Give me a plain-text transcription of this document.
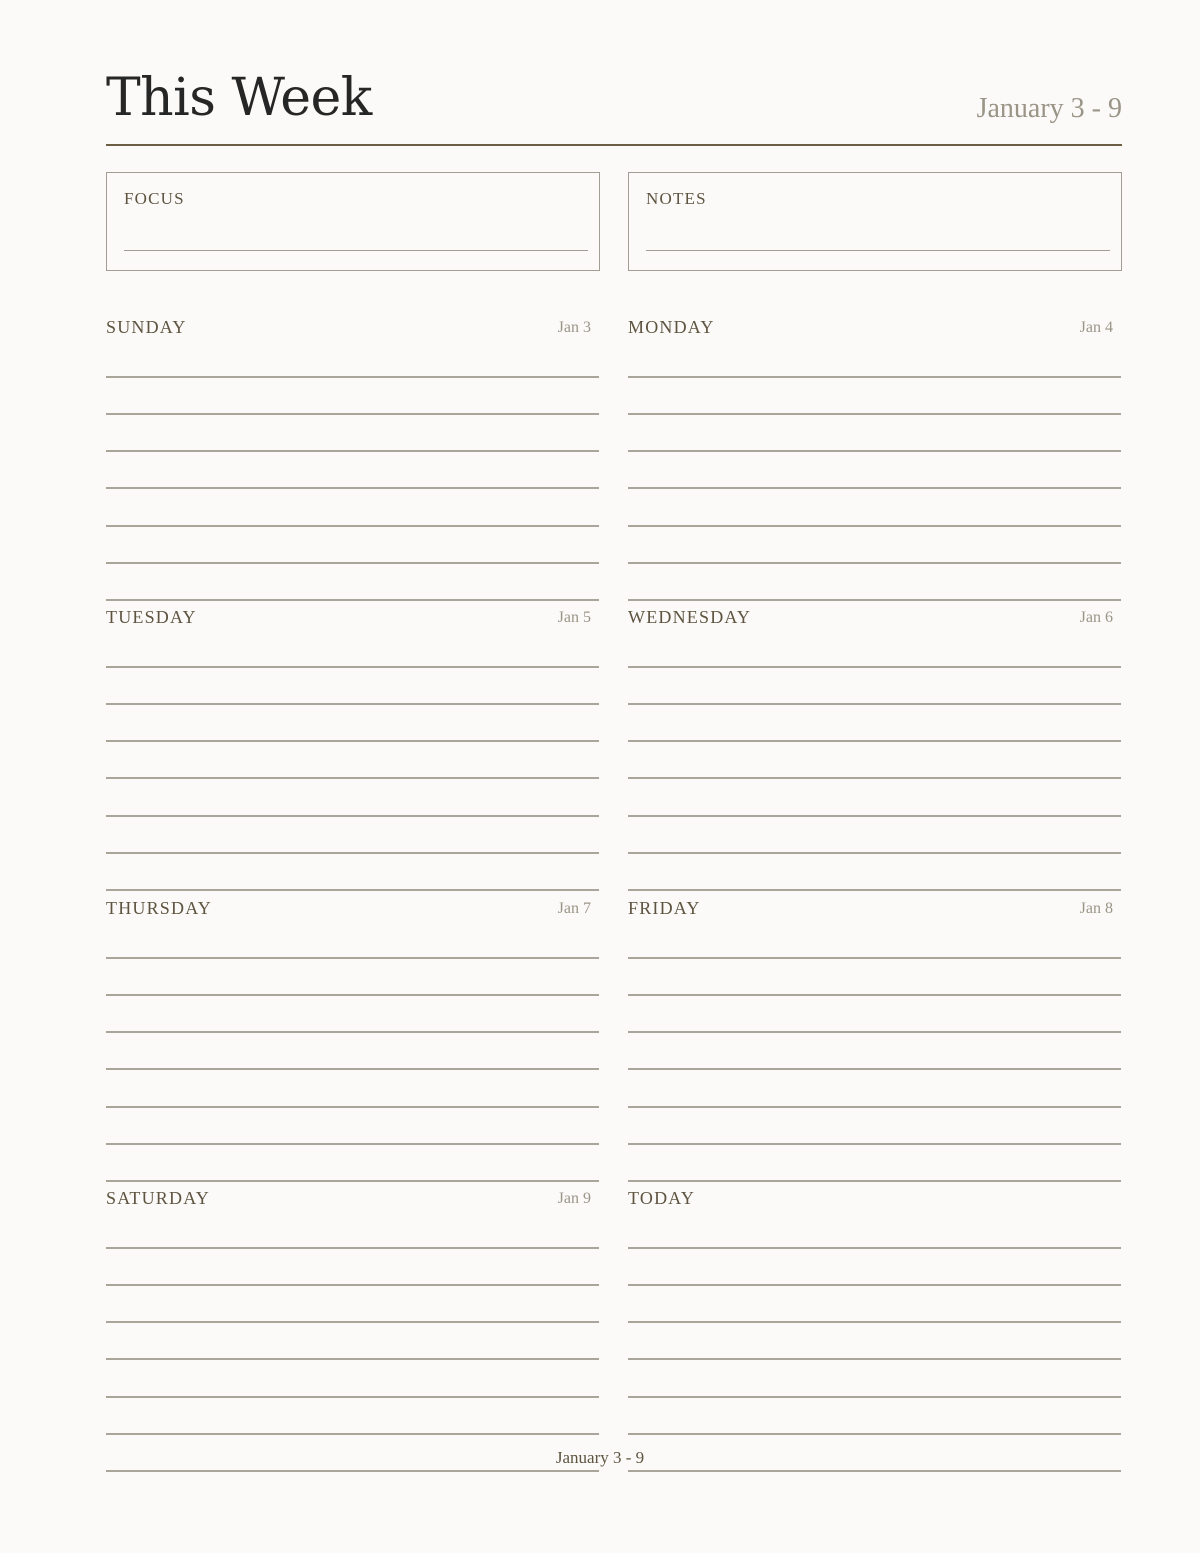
This Week	January 3 - 9
FOCUS	NOTES
SUNDAY	Jan 3 MONDAY	Jan 4
TUESDAY	Jan 5 WEDNESDAY	Jan 6
THURSDAY	Jan 7 FRIDAY	Jan 8
SATURDAY	Jan 9 TODAY
January 3 - 9
